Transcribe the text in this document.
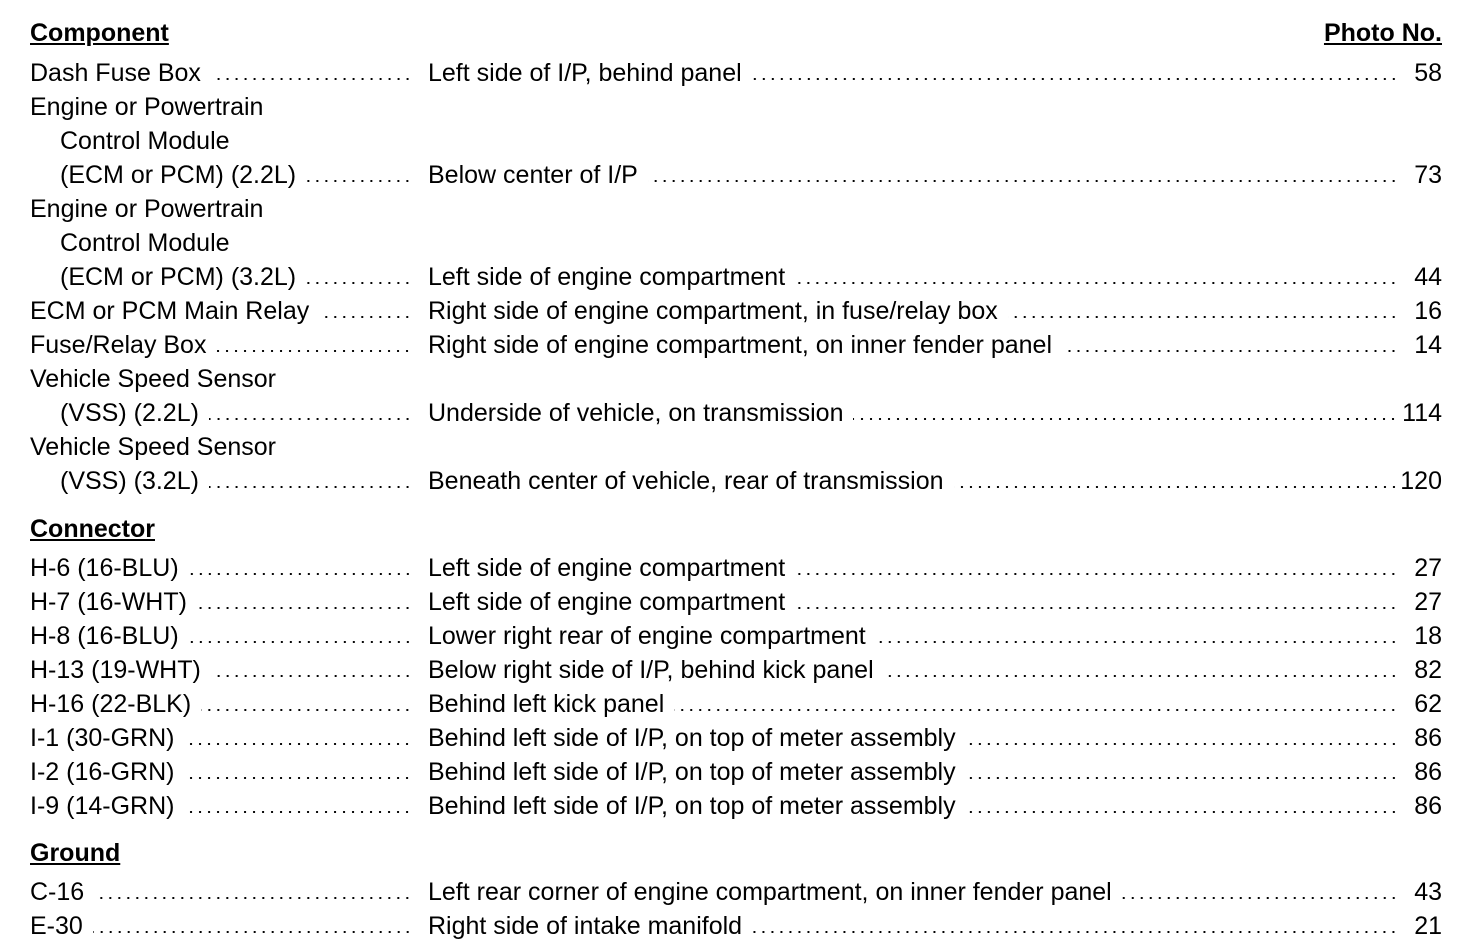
Component	Photo No.
Dash Fuse Box	Left side of I/P, behind panel	58
Engine or Powertrain
Control Module
(ECM or PCM) (2.2L)	Below center of I/P	73
Engine or Powertrain
Control Module
(ECM or PCM) (3.2L)	Left side of engine compartment	44
ECM or PCM Main Relay	Right side of engine compartment, in fuse/relay box	16
Fuse/Relay Box	Right side of engine compartment, on inner fender panel	14
Vehicle Speed Sensor
(VSS) (2.2L)	Underside of vehicle, on transmission	114
Vehicle Speed Sensor
(VSS) (3.2L)	Beneath center of vehicle, rear of transmission	120
Connector
H-6 (16-BLU)	Left side of engine compartment	27
H-7 (16-WHT)	Left side of engine compartment	27
H-8 (16-BLU)	Lower right rear of engine compartment	18
H-13 (19-WHT)	Below right side of I/P, behind kick panel	82
H-16 (22-BLK)	Behind left kick panel	62
I-1 (30-GRN)	Behind left side of I/P, on top of meter assembly	86
I-2 (16-GRN)	Behind left side of I/P, on top of meter assembly	86
I-9 (14-GRN)	Behind left side of I/P, on top of meter assembly	86
Ground
C-16	Left rear corner of engine compartment, on inner fender panel	43
E-30	Right side of intake manifold	21
